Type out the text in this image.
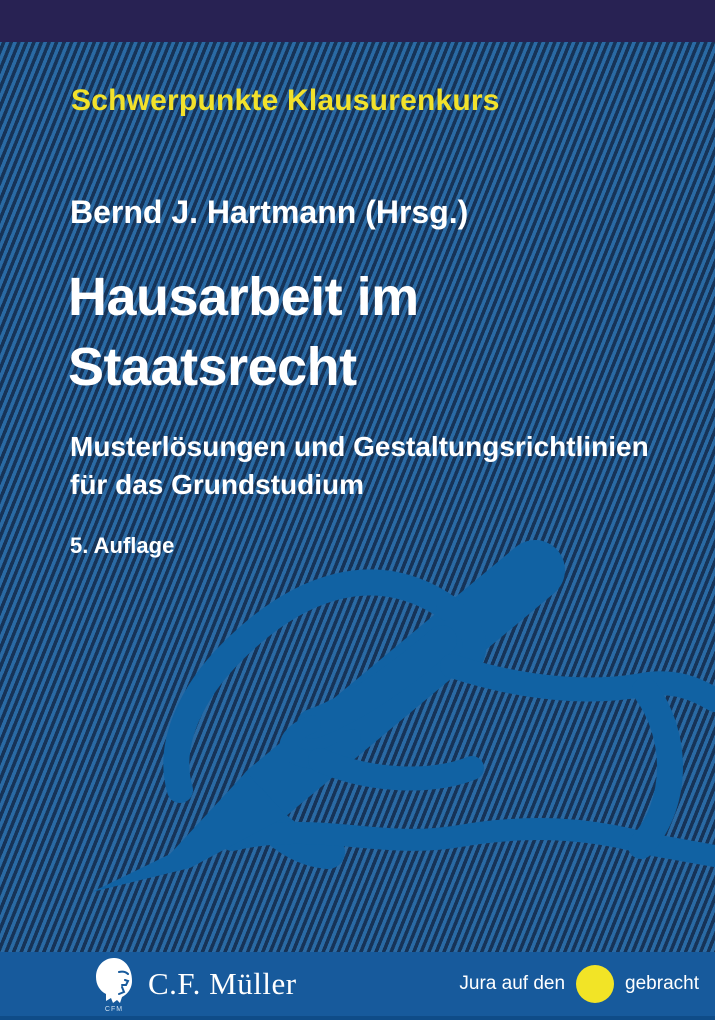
Schwerpunkte Klausurenkurs
Bernd J. Hartmann (Hrsg.)
Hausarbeit im
Staatsrecht
Musterlösungen und Gestaltungsrichtlinien
für das Grundstudium
5. Auflage
CFM
C.F. Müller	Jura auf den	gebracht
